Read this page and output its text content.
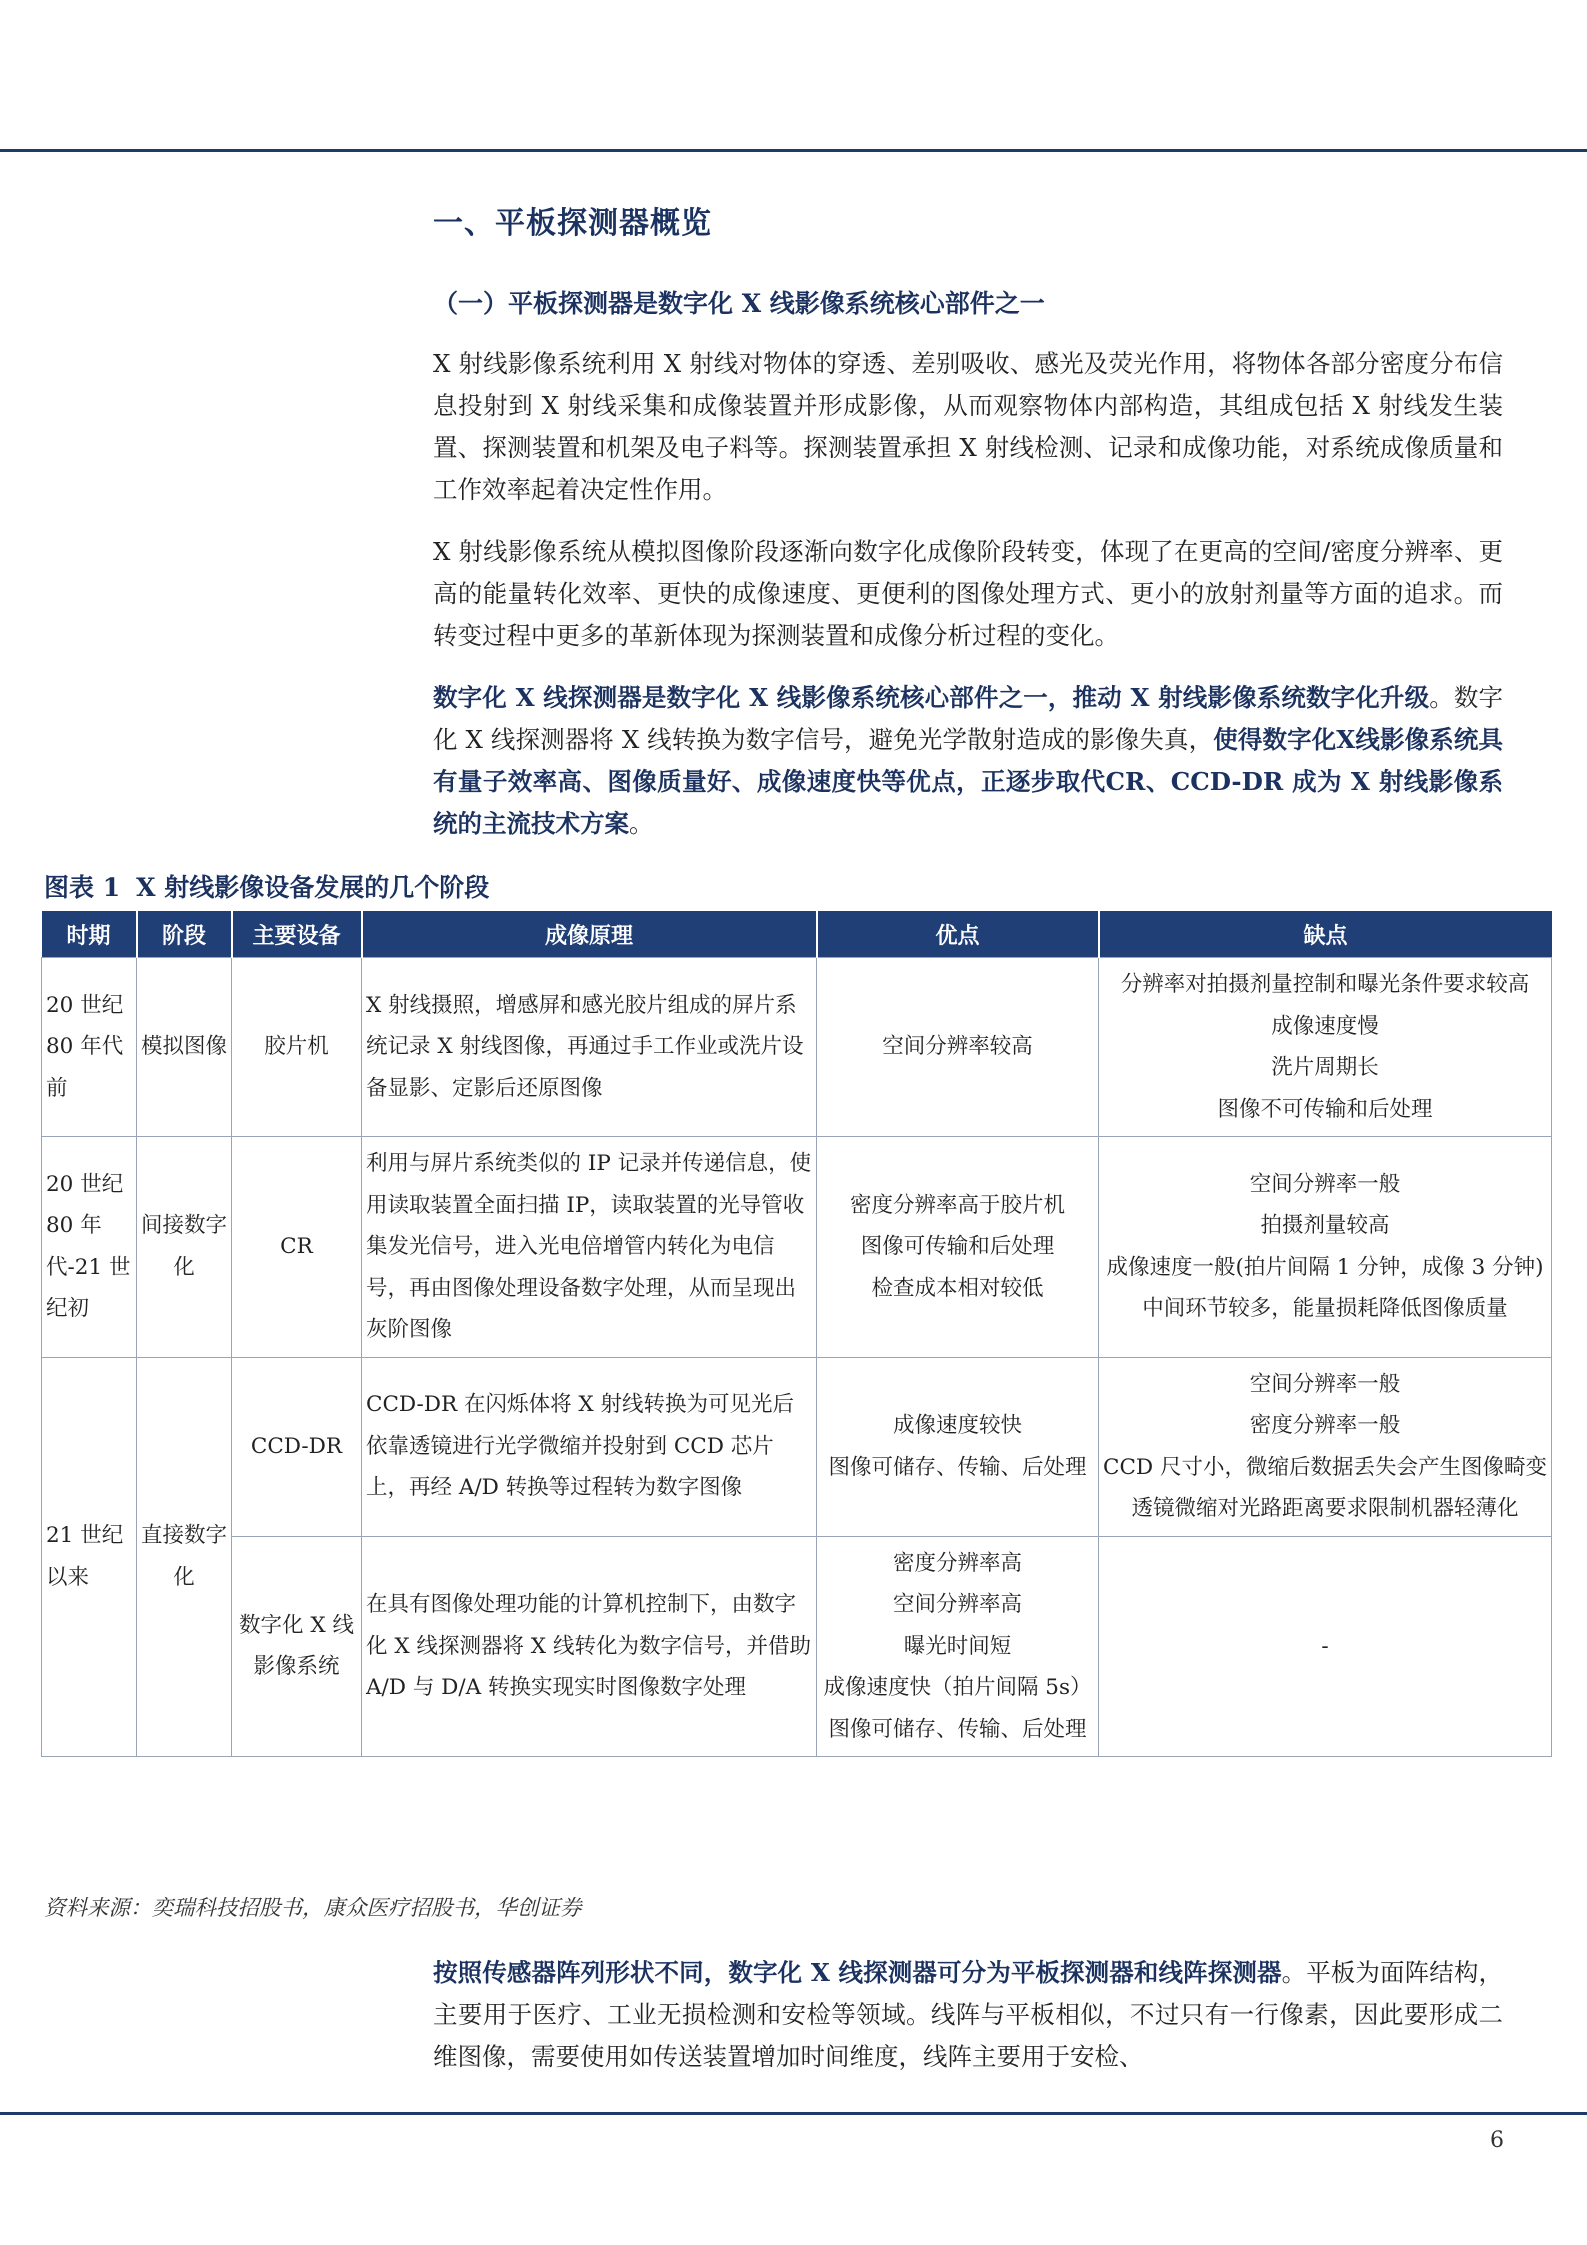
一、平板探测器概览
（一）平板探测器是数字化 X 线影像系统核心部件之一

X 射线影像系统利用 X 射线对物体的穿透、差别吸收、感光及荧光作用，将物体各部分密度分布信息投射到 X 射线采集和成像装置并形成影像，从而观察物体内部构造，其组成包括 X 射线发生装置、探测装置和机架及电子料等。探测装置承担 X 射线检测、记录和成像功能，对系统成像质量和工作效率起着决定性作用。

X 射线影像系统从模拟图像阶段逐渐向数字化成像阶段转变，体现了在更高的空间/密度分辨率、更高的能量转化效率、更快的成像速度、更便利的图像处理方式、更小的放射剂量等方面的追求。而转变过程中更多的革新体现为探测装置和成像分析过程的变化。

数字化 X 线探测器是数字化 X 线影像系统核心部件之一，推动 X 射线影像系统数字化升级。数字化 X 线探测器将 X 线转换为数字信号，避免光学散射造成的影像失真，使得数字化X线影像系统具有量子效率高、图像质量好、成像速度快等优点，正逐步取代CR、CCD-DR 成为 X 射线影像系统的主流技术方案。

图表 1 X 射线影像设备发展的几个阶段
时期	阶段	主要设备	成像原理	优点	缺点
20 世纪 80 年代前	模拟图像	胶片机	X 射线摄照，增感屏和感光胶片组成的屏片系统记录 X 射线图像，再通过手工作业或洗片设备显影、定影后还原图像	空间分辨率较高	分辨率对拍摄剂量控制和曝光条件要求较高
成像速度慢
洗片周期长
图像不可传输和后处理

20 世纪 80 年代-21 世纪初	间接数字化	CR	利用与屏片系统类似的 IP 记录并传递信息，使用读取装置全面扫描 IP，读取装置的光导管收集发光信号，进入光电倍增管内转化为电信号，再由图像处理设备数字处理，从而呈现出灰阶图像	密度分辨率高于胶片机
图像可传输和后处理
检查成本相对较低	空间分辨率一般
拍摄剂量较高
成像速度一般(拍片间隔 1 分钟，成像 3 分钟)
中间环节较多，能量损耗降低图像质量

21 世纪以来	直接数字化	CCD-DR	CCD-DR 在闪烁体将 X 射线转换为可见光后依靠透镜进行光学微缩并投射到 CCD 芯片上，再经 A/D 转换等过程转为数字图像	成像速度较快
图像可储存、传输、后处理	空间分辨率一般
密度分辨率一般
CCD 尺寸小，微缩后数据丢失会产生图像畸变
透镜微缩对光路距离要求限制机器轻薄化

		数字化 X 线影像系统	在具有图像处理功能的计算机控制下，由数字化 X 线探测器将 X 线转化为数字信号，并借助 A/D 与 D/A 转换实现实时图像数字处理	密度分辨率高
空间分辨率高
曝光时间短
成像速度快（拍片间隔 5s）
图像可储存、传输、后处理	-
资料来源：奕瑞科技招股书，康众医疗招股书，华创证券

按照传感器阵列形状不同，数字化 X 线探测器可分为平板探测器和线阵探测器。平板为面阵结构，主要用于医疗、工业无损检测和安检等领域。线阵与平板相似，不过只有一行像素，因此要形成二维图像，需要使用如传送装置增加时间维度，线阵主要用于安检、

6
